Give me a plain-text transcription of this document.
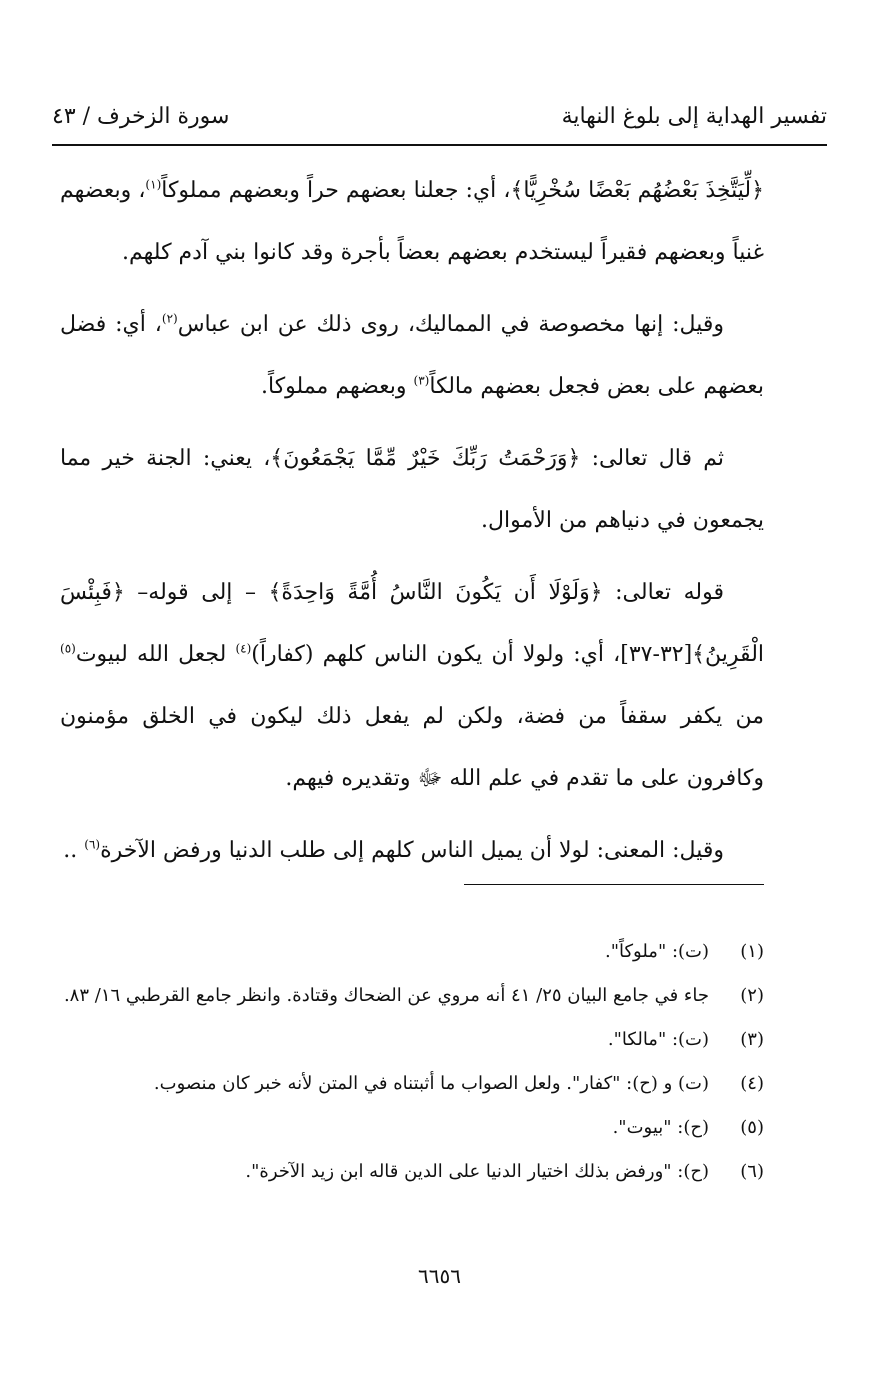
تفسير الهداية إلى بلوغ النهاية
سورة الزخرف / ٤٣

﴿لِّيَتَّخِذَ بَعْضُهُم بَعْضًا سُخْرِيًّا﴾، أي: جعلنا بعضهم حراً وبعضهم مملوكاً$^{(١)}$، وبعضهم غنياً وبعضهم فقيراً ليستخدم بعضهم بعضاً بأجرة وقد كانوا بني آدم كلهم.

وقيل: إنها مخصوصة في المماليك، روى ذلك عن ابن عباس$^{(٢)}$، أي: فضل بعضهم على بعض فجعل بعضهم مالكاً$^{(٣)}$ وبعضهم مملوكاً.

ثم قال تعالى: ﴿وَرَحْمَتُ رَبِّكَ خَيْرٌ مِّمَّا يَجْمَعُونَ﴾، يعني: الجنة خير مما يجمعون في دنياهم من الأموال.

قوله تعالى: ﴿وَلَوْلَا أَن يَكُونَ النَّاسُ أُمَّةً وَاحِدَةً﴾ – إلى قوله– ﴿فَبِئْسَ الْقَرِينُ﴾[٣٢-٣٧]، أي: ولولا أن يكون الناس كلهم (كفاراً)$^{(٤)}$ لجعل الله لبيوت$^{(٥)}$ من يكفر سقفاً من فضة، ولكن لم يفعل ذلك ليكون في الخلق مؤمنون وكافرون على ما تقدم في علم الله ﷻ وتقديره فيهم.

وقيل: المعنى: لولا أن يميل الناس كلهم إلى طلب الدنيا ورفض الآخرة$^{(٦)}$ ..

(١)
(ت): "ملوكاً".
(٢)
جاء في جامع البيان ٢٥/ ٤١ أنه مروي عن الضحاك وقتادة. وانظر جامع القرطبي ١٦/ ٨٣.
(٣)
(ت): "مالكا".
(٤)
(ت) و (ح): "كفار". ولعل الصواب ما أثبتناه في المتن لأنه خبر كان منصوب.
(٥)
(ح): "بيوت".
(٦)
(ح): "ورفض بذلك اختيار الدنيا على الدين قاله ابن زيد الآخرة".
٦٦٥٦
